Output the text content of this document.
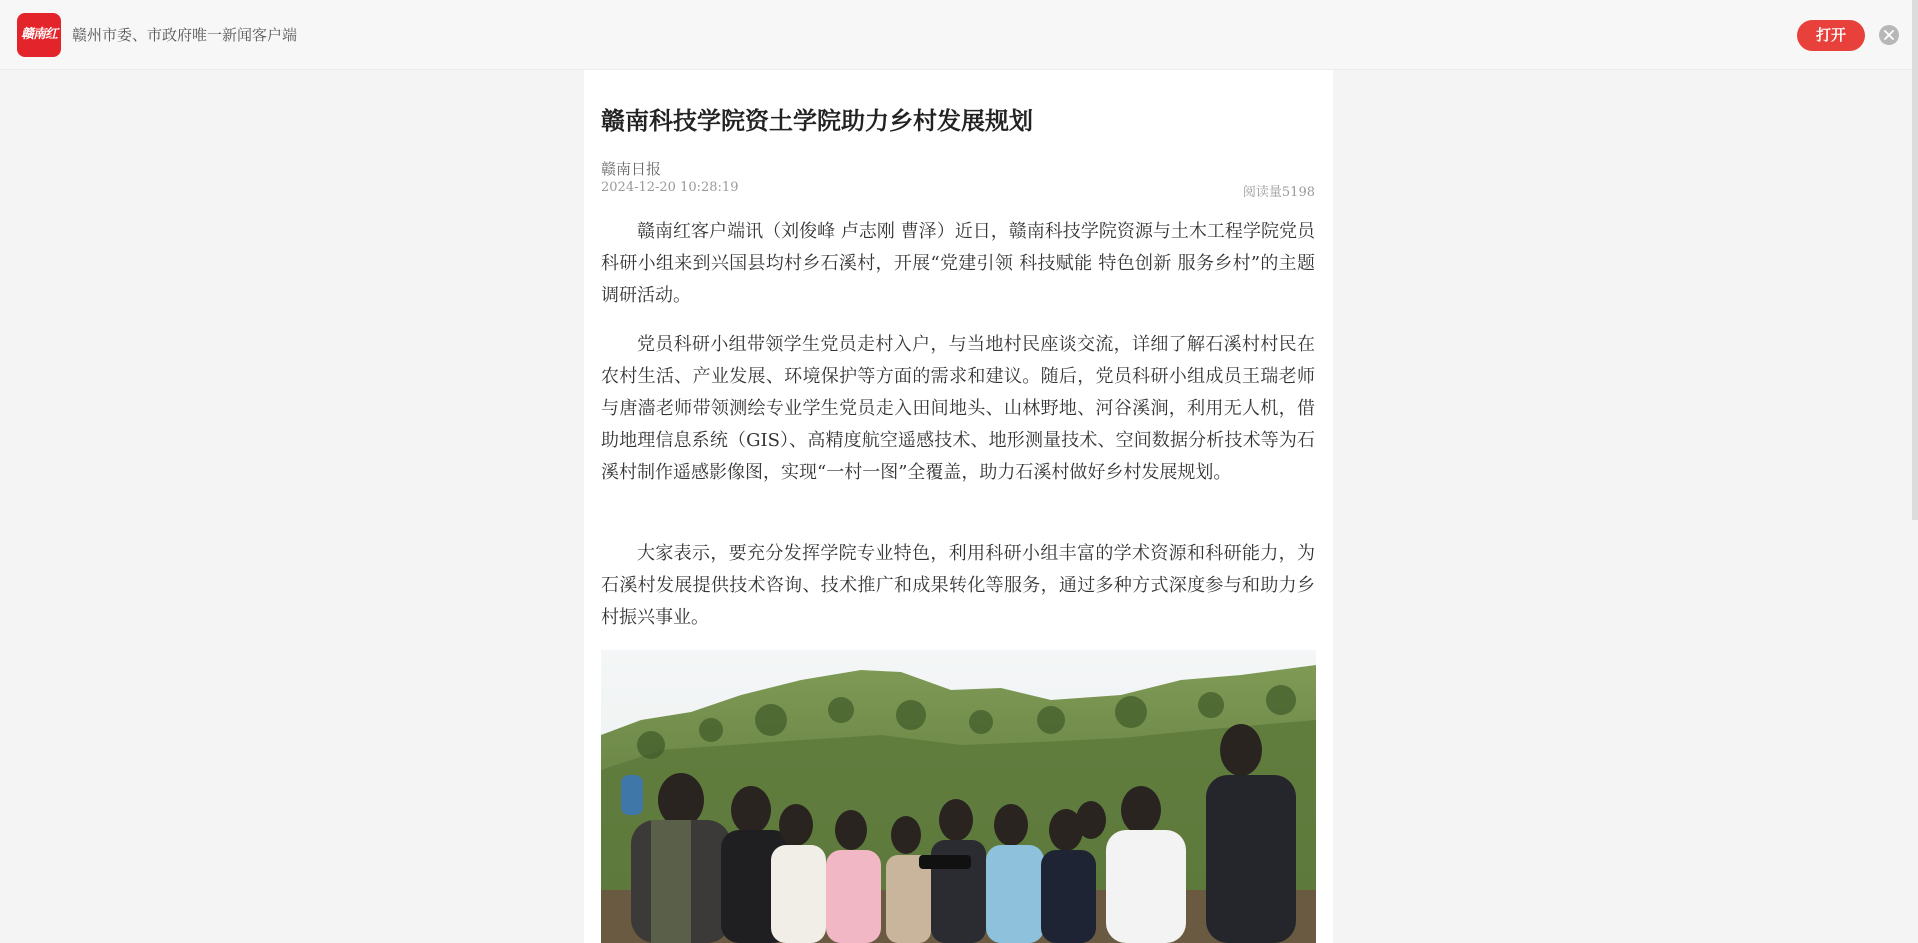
赣南红 赣州市委、市政府唯一新闻客户端	打开
赣南科技学院资土学院助力乡村发展规划
赣南日报
2024-12-20 10:28:19	阅读量5198

赣南红客户端讯（刘俊峰 卢志刚 曹泽）近日，赣南科技学院资源与土木工程学院党员科研小组来到兴国县均村乡石溪村，开展“党建引领 科技赋能 特色创新 服务乡村”的主题调研活动。

党员科研小组带领学生党员走村入户，与当地村民座谈交流，详细了解石溪村村民在农村生活、产业发展、环境保护等方面的需求和建议。随后，党员科研小组成员王瑞老师与唐濇老师带领测绘专业学生党员走入田间地头、山林野地、河谷溪涧，利用无人机，借助地理信息系统（GIS）、高精度航空遥感技术、地形测量技术、空间数据分析技术等为石溪村制作遥感影像图，实现“一村一图”全覆盖，助力石溪村做好乡村发展规划。

大家表示，要充分发挥学院专业特色，利用科研小组丰富的学术资源和科研能力，为石溪村发展提供技术咨询、技术推广和成果转化等服务，通过多种方式深度参与和助力乡村振兴事业。
